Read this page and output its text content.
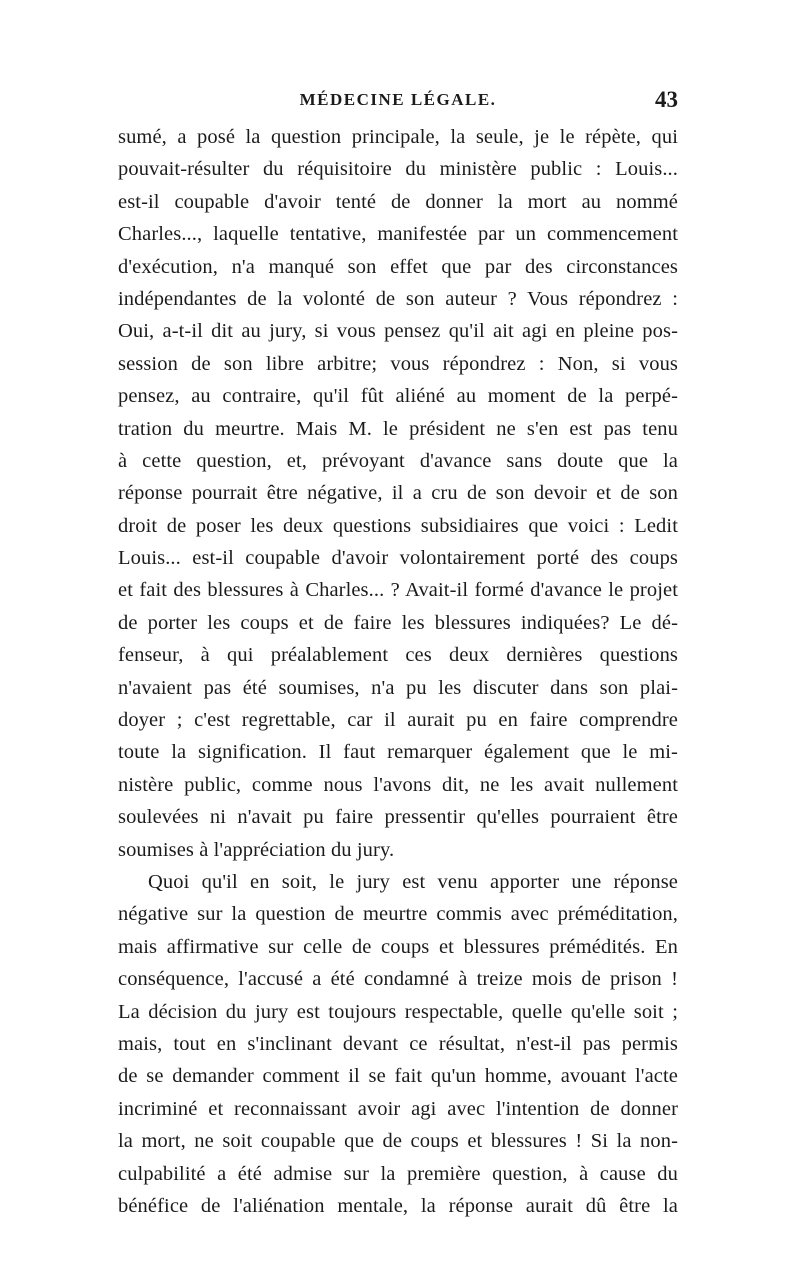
MÉDECINE LÉGALE.	43
sumé, a posé la question principale, la seule, je le répète, qui
pouvait-résulter du réquisitoire du ministère public : Louis...
est-il coupable d'avoir tenté de donner la mort au nommé
Charles..., laquelle tentative, manifestée par un commencement
d'exécution, n'a manqué son effet que par des circonstances
indépendantes de la volonté de son auteur ? Vous répondrez :
Oui, a-t-il dit au jury, si vous pensez qu'il ait agi en pleine pos-
session de son libre arbitre; vous répondrez : Non, si vous
pensez, au contraire, qu'il fût aliéné au moment de la perpé-
tration du meurtre. Mais M. le président ne s'en est pas tenu
à cette question, et, prévoyant d'avance sans doute que la
réponse pourrait être négative, il a cru de son devoir et de son
droit de poser les deux questions subsidiaires que voici : Ledit
Louis... est-il coupable d'avoir volontairement porté des coups
et fait des blessures à Charles... ? Avait-il formé d'avance le projet
de porter les coups et de faire les blessures indiquées? Le dé-
fenseur, à qui préalablement ces deux dernières questions
n'avaient pas été soumises, n'a pu les discuter dans son plai-
doyer ; c'est regrettable, car il aurait pu en faire comprendre
toute la signification. Il faut remarquer également que le mi-
nistère public, comme nous l'avons dit, ne les avait nullement
soulevées ni n'avait pu faire pressentir qu'elles pourraient être
soumises à l'appréciation du jury.
Quoi qu'il en soit, le jury est venu apporter une réponse
négative sur la question de meurtre commis avec préméditation,
mais affirmative sur celle de coups et blessures prémédités. En
conséquence, l'accusé a été condamné à treize mois de prison !
La décision du jury est toujours respectable, quelle qu'elle soit ;
mais, tout en s'inclinant devant ce résultat, n'est-il pas permis
de se demander comment il se fait qu'un homme, avouant l'acte
incriminé et reconnaissant avoir agi avec l'intention de donner
la mort, ne soit coupable que de coups et blessures ! Si la non-
culpabilité a été admise sur la première question, à cause du
bénéfice de l'aliénation mentale, la réponse aurait dû être la
